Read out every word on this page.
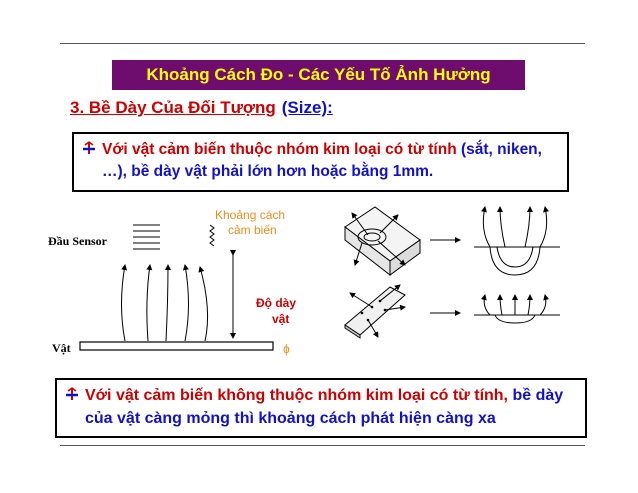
Khoảng Cách Đo - Các Yếu Tố Ảnh Hưởng
3. Bề Dày Của Đối Tượng (Size):
Với vật cảm biến thuộc nhóm kim loại có từ tính (sắt, niken, …), bề dày vật phải lớn hơn hoặc bằng 1mm.
Đầu Sensor
Khoảng cách
cảm biến
Vật
Độ dày
vật
ϕ
Với vật cảm biến không thuộc nhóm kim loại có từ tính, bề dày của vật càng mỏng thì khoảng cách phát hiện càng xa
